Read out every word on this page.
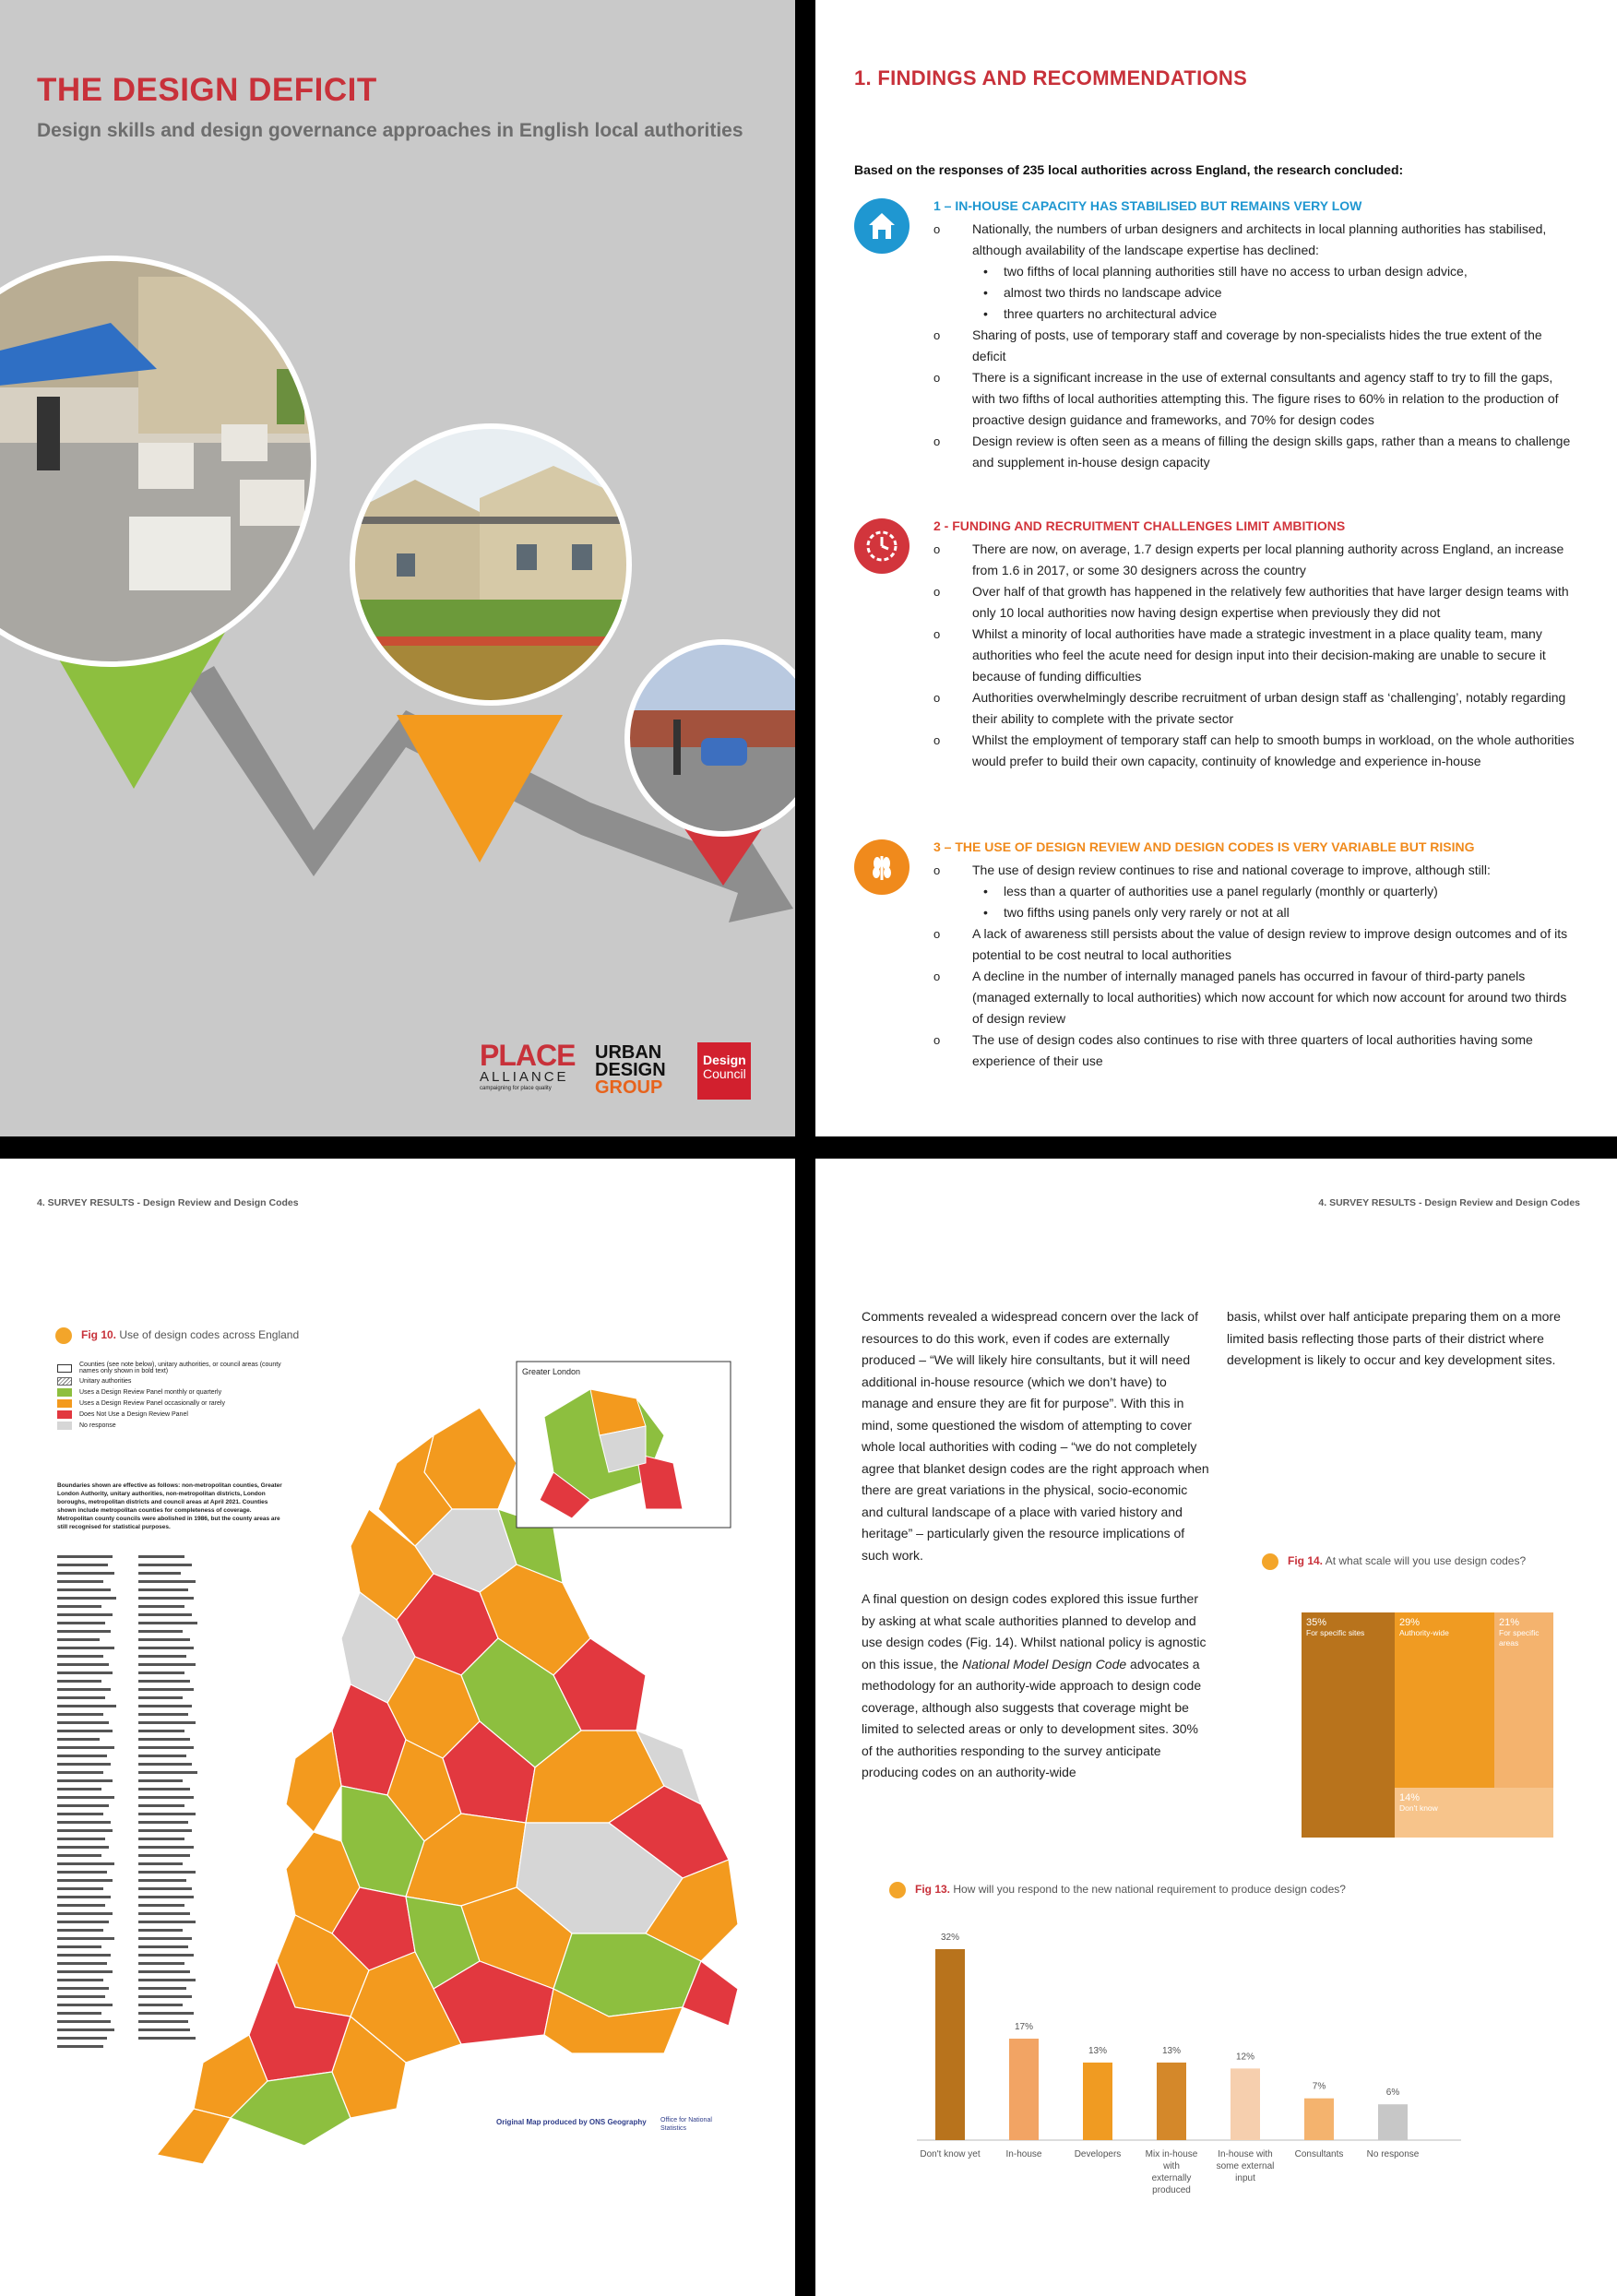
THE DESIGN DEFICIT
Design skills and design governance approaches in English local authorities
PLACE
ALLIANCE
campaigning for place quality
URBAN
DESIGN
GROUP
Design
Council
1. FINDINGS AND RECOMMENDATIONS
Based on the responses of 235 local authorities across England, the research concluded:
1 – IN-HOUSE CAPACITY HAS STABILISED BUT REMAINS VERY LOW
o Nationally, the numbers of urban designers and architects in local planning authorities has stabilised, although availability of the landscape expertise has declined:
• two fifths of local planning authorities still have no access to urban design advice,
• almost two thirds no landscape advice
• three quarters no architectural advice
o Sharing of posts, use of temporary staff and coverage by non-specialists hides the true extent of the deficit
o There is a significant increase in the use of external consultants and agency staff to try to fill the gaps, with two fifths of local authorities attempting this. The figure rises to 60% in relation to the production of proactive design guidance and frameworks, and 70% for design codes
o Design review is often seen as a means of filling the design skills gaps, rather than a means to challenge and supplement in-house design capacity
2 - FUNDING AND RECRUITMENT CHALLENGES LIMIT AMBITIONS
o There are now, on average, 1.7 design experts per local planning authority across England, an increase from 1.6 in 2017, or some 30 designers across the country
o Over half of that growth has happened in the relatively few authorities that have larger design teams with only 10 local authorities now having design expertise when previously they did not
o Whilst a minority of local authorities have made a strategic investment in a place quality team, many authorities who feel the acute need for design input into their decision-making are unable to secure it because of funding difficulties
o Authorities overwhelmingly describe recruitment of urban design staff as ‘challenging’, notably regarding their ability to complete with the private sector
o Whilst the employment of temporary staff can help to smooth bumps in workload, on the whole authorities would prefer to build their own capacity, continuity of knowledge and experience in-house
3 – THE USE OF DESIGN REVIEW AND DESIGN CODES IS VERY VARIABLE BUT RISING
o The use of design review continues to rise and national coverage to improve, although still:
• less than a quarter of authorities use a panel regularly (monthly or quarterly)
• two fifths using panels only very rarely or not at all
o A lack of awareness still persists about the value of design review to improve design outcomes and of its potential to be cost neutral to local authorities
o A decline in the number of internally managed panels has occurred in favour of third-party panels (managed externally to local authorities) which now account for which now account for around two thirds of design review
o The use of design codes also continues to rise with three quarters of local authorities having some experience of their use
4. SURVEY RESULTS - Design Review and Design Codes
Fig 10. Use of design codes across England
Counties (see note below), unitary authorities, or council areas (county names only shown in bold text)
Unitary authorities
Uses a Design Review Panel monthly or quarterly
Uses a Design Review Panel occasionally or rarely
Does Not Use a Design Review Panel
No response
Boundaries shown are effective as follows: non-metropolitan counties, Greater London Authority, unitary authorities, non-metropolitan districts, London boroughs, metropolitan districts and council areas at April 2021. Counties shown include metropolitan counties for completeness of coverage. Metropolitan county councils were abolished in 1986, but the county areas are still recognised for statistical purposes.
Greater London
Original Map produced by ONS Geography Office for National Statistics
4. SURVEY RESULTS - Design Review and Design Codes

Comments revealed a widespread concern over the lack of resources to do this work, even if codes are externally produced – “We will likely hire consultants, but it will need additional in-house resource (which we don’t have) to manage and ensure they are fit for purpose”. With this in mind, some questioned the wisdom of attempting to cover whole local authorities with coding – “we do not completely agree that blanket design codes are the right approach when there are great variations in the physical, socio-economic and cultural landscape of a place with varied history and heritage” – particularly given the resource implications of such work.

A final question on design codes explored this issue further by asking at what scale authorities planned to develop and use design codes (Fig. 14). Whilst national policy is agnostic on this issue, the National Model Design Code advocates a methodology for an authority-wide approach to design code coverage, although also suggests that coverage might be limited to selected areas or only to development sites. 30% of the authorities responding to the survey anticipate producing codes on an authority-wide

basis, whilst over half anticipate preparing them on a more limited basis reflecting those parts of their district where development is likely to occur and key development sites.

Fig 14. At what scale will you use design codes?
35%
For specific sites
29%
Authority-wide
21%
For specific areas
14%
Don't know
Fig 13. How will you respond to the new national requirement to produce design codes?
32%
Don't know yet
17%
In-house
13%
Developers
13%
Mix in-house with externally produced
12%
In-house with some external input
7%
Consultants
6%
No response
